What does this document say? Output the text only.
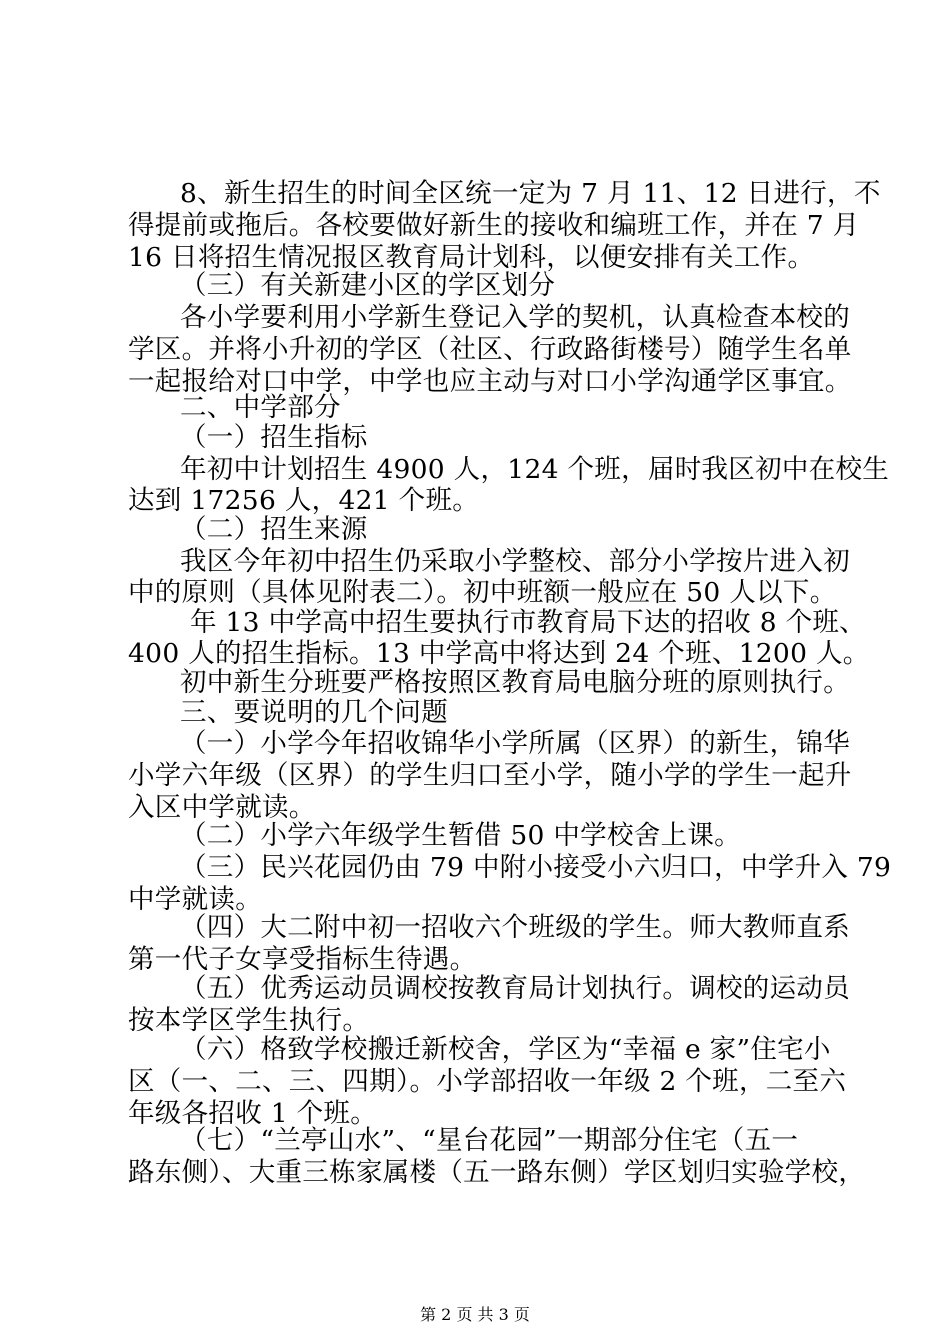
8、新生招生的时间全区统一定为 7 月 11、12 日进行，不
得提前或拖后。各校要做好新生的接收和编班工作，并在 7 月
16 日将招生情况报区教育局计划科，以便安排有关工作。
（三）有关新建小区的学区划分
各小学要利用小学新生登记入学的契机，认真检查本校的
学区。并将小升初的学区（社区、行政路街楼号）随学生名单
一起报给对口中学，中学也应主动与对口小学沟通学区事宜。
二、中学部分
（一）招生指标
年初中计划招生 4900 人，124 个班，届时我区初中在校生
达到 17256 人，421 个班。
（二）招生来源
我区今年初中招生仍采取小学整校、部分小学按片进入初
中的原则（具体见附表二）。初中班额一般应在 50 人以下。
年 13 中学高中招生要执行市教育局下达的招收 8 个班、
400 人的招生指标。13 中学高中将达到 24 个班、1200 人。
初中新生分班要严格按照区教育局电脑分班的原则执行。
三、要说明的几个问题
（一）小学今年招收锦华小学所属（区界）的新生，锦华
小学六年级（区界）的学生归口至小学，随小学的学生一起升
入区中学就读。
（二）小学六年级学生暂借 50 中学校舍上课。
（三）民兴花园仍由 79 中附小接受小六归口，中学升入 79
中学就读。
（四）大二附中初一招收六个班级的学生。师大教师直系
第一代子女享受指标生待遇。
（五）优秀运动员调校按教育局计划执行。调校的运动员
按本学区学生执行。
（六）格致学校搬迁新校舍，学区为“幸福 e 家”住宅小
区（一、二、三、四期）。小学部招收一年级 2 个班，二至六
年级各招收 1 个班。
（七）“兰亭山水”、“星台花园”一期部分住宅（五一
路东侧）、大重三栋家属楼（五一路东侧）学区划归实验学校，
第 2 页 共 3 页
